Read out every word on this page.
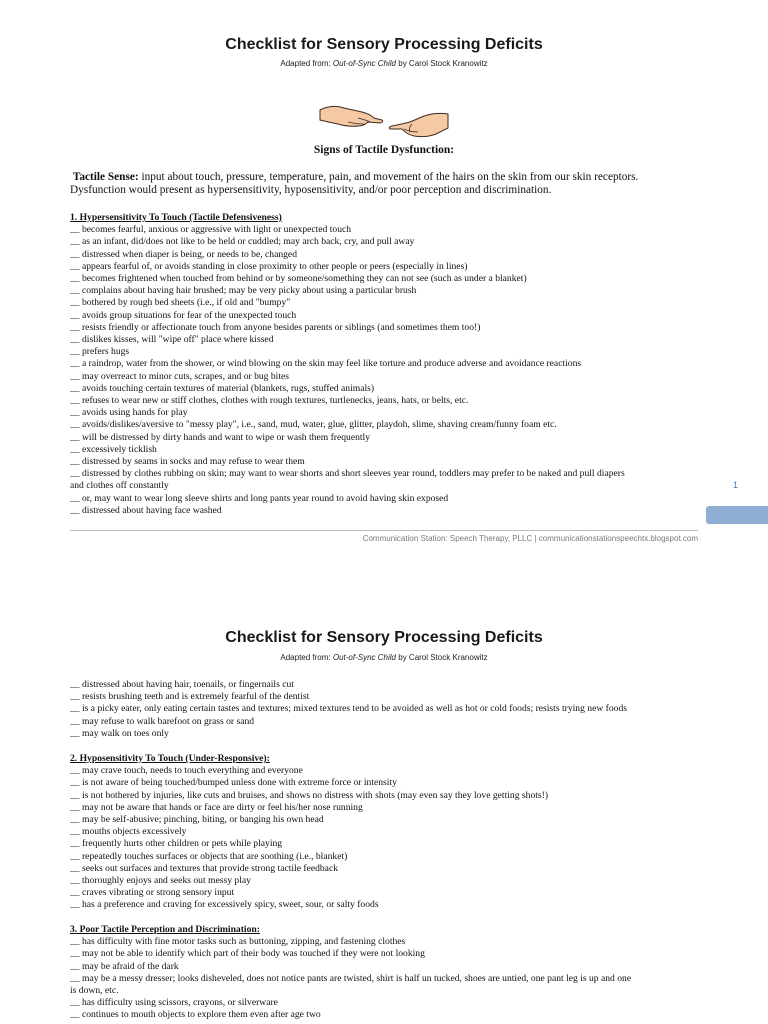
Checklist for Sensory Processing Deficits
Adapted from: Out-of-Sync Child by Carol Stock Kranowitz
Signs of Tactile Dysfunction:
Tactile Sense: input about touch, pressure, temperature, pain, and movement of the hairs on the skin from our skin receptors.
Dysfunction would present as hypersensitivity, hyposensitivity, and/or poor perception and discrimination.
1. Hypersensitivity To Touch (Tactile Defensiveness)
__ becomes fearful, anxious or aggressive with light or unexpected touch
__ as an infant, did/does not like to be held or cuddled; may arch back, cry, and pull away
__ distressed when diaper is being, or needs to be, changed
__ appears fearful of, or avoids standing in close proximity to other people or peers (especially in lines)
__ becomes frightened when touched from behind or by someone/something they can not see (such as under a blanket)
__ complains about having hair brushed; may be very picky about using a particular brush
__ bothered by rough bed sheets (i.e., if old and "bumpy"
__ avoids group situations for fear of the unexpected touch
__ resists friendly or affectionate touch from anyone besides parents or siblings (and sometimes them too!)
__ dislikes kisses, will "wipe off" place where kissed
__ prefers hugs
__ a raindrop, water from the shower, or wind blowing on the skin may feel like torture and produce adverse and avoidance reactions
__ may overreact to minor cuts, scrapes, and or bug bites
__ avoids touching certain textures of material (blankets, rugs, stuffed animals)
__ refuses to wear new or stiff clothes, clothes with rough textures, turtlenecks, jeans, hats, or belts, etc.
__ avoids using hands for play
__ avoids/dislikes/aversive to "messy play", i.e., sand, mud, water, glue, glitter, playdoh, slime, shaving cream/funny foam etc.
__ will be distressed by dirty hands and want to wipe or wash them frequently
__ excessively ticklish
__ distressed by seams in socks and may refuse to wear them
__ distressed by clothes rubbing on skin; may want to wear shorts and short sleeves year round, toddlers may prefer to be naked and pull diapers
and clothes off constantly
__ or, may want to wear long sleeve shirts and long pants year round to avoid having skin exposed
__ distressed about having face washed
1
Communication Station: Speech Therapy, PLLC | communicationstationspeechtx.blogspot.com
Checklist for Sensory Processing Deficits
Adapted from: Out-of-Sync Child by Carol Stock Kranowitz
__ distressed about having hair, toenails, or fingernails cut
__ resists brushing teeth and is extremely fearful of the dentist
__ is a picky eater, only eating certain tastes and textures; mixed textures tend to be avoided as well as hot or cold foods; resists trying new foods
__ may refuse to walk barefoot on grass or sand
__ may walk on toes only
2. Hyposensitivity To Touch (Under-Responsive):
__ may crave touch, needs to touch everything and everyone
__ is not aware of being touched/bumped unless done with extreme force or intensity
__ is not bothered by injuries, like cuts and bruises, and shows no distress with shots (may even say they love getting shots!)
__ may not be aware that hands or face are dirty or feel his/her nose running
__ may be self-abusive; pinching, biting, or banging his own head
__ mouths objects excessively
__ frequently hurts other children or pets while playing
__ repeatedly touches surfaces or objects that are soothing (i.e., blanket)
__ seeks out surfaces and textures that provide strong tactile feedback
__ thoroughly enjoys and seeks out messy play
__ craves vibrating or strong sensory input
__ has a preference and craving for excessively spicy, sweet, sour, or salty foods
3. Poor Tactile Perception and Discrimination:
__ has difficulty with fine motor tasks such as buttoning, zipping, and fastening clothes
__ may not be able to identify which part of their body was touched if they were not looking
__ may be afraid of the dark
__ may be a messy dresser; looks disheveled, does not notice pants are twisted, shirt is half un tucked, shoes are untied, one pant leg is up and one
is down, etc.
__ has difficulty using scissors, crayons, or silverware
__ continues to mouth objects to explore them even after age two
